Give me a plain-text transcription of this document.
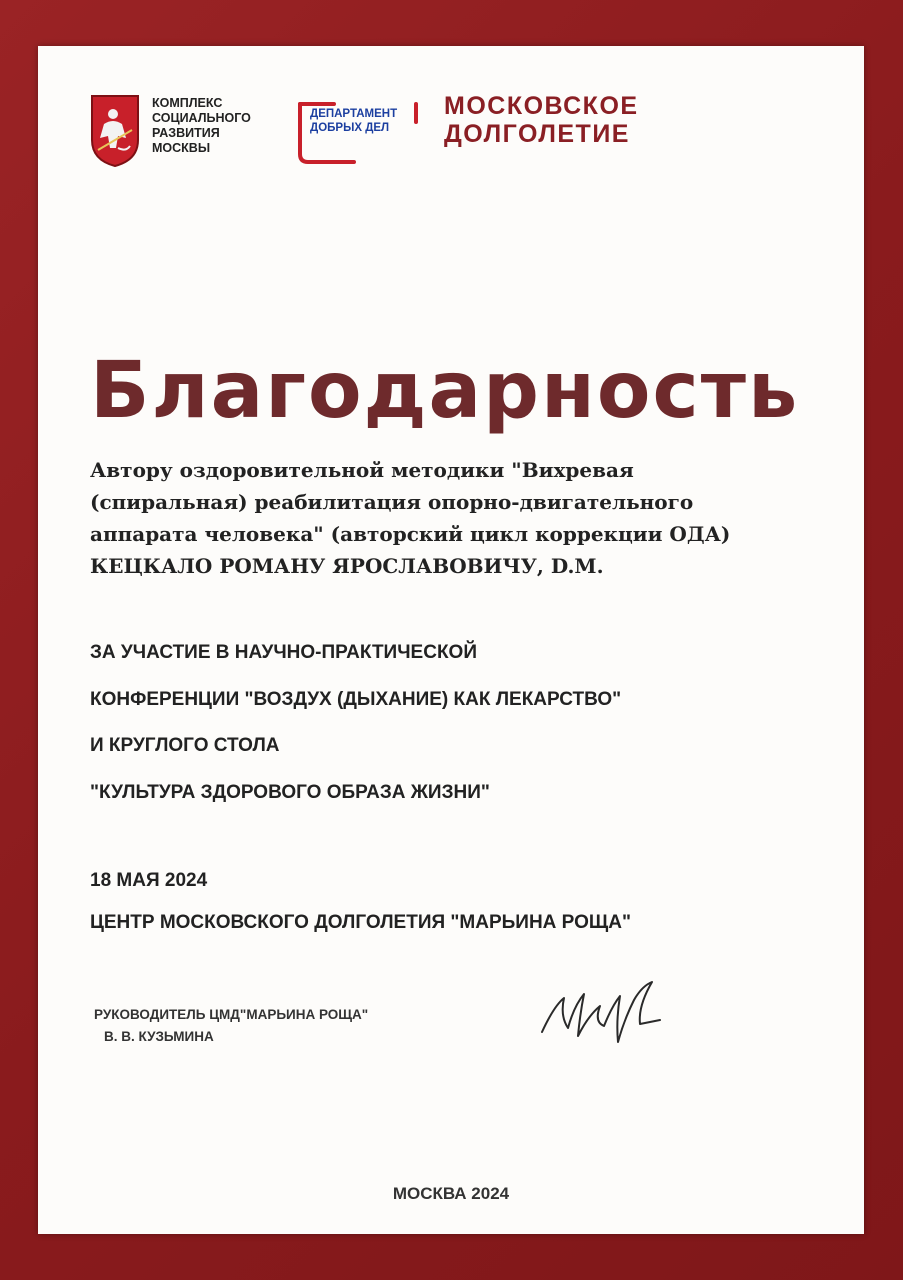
КОМПЛЕКС
СОЦИАЛЬНОГО
РАЗВИТИЯ
МОСКВЫ
ДЕПАРТАМЕНТ
ДОБРЫХ ДЕЛ
МОСКОВСКОЕ
ДОЛГОЛЕТИЕ
Благодарность
Автору оздоровительной методики "Вихревая
(спиральная) реабилитация опорно-двигательного
аппарата человека" (авторский цикл коррекции ОДА)
КЕЦКАЛО РОМАНУ ЯРОСЛАВОВИЧУ, D.M.
ЗА УЧАСТИЕ В НАУЧНО-ПРАКТИЧЕСКОЙ
КОНФЕРЕНЦИИ "ВОЗДУХ (ДЫХАНИЕ) КАК ЛЕКАРСТВО"
И КРУГЛОГО СТОЛА
"КУЛЬТУРА ЗДОРОВОГО ОБРАЗА ЖИЗНИ"
18 МАЯ 2024
ЦЕНТР МОСКОВСКОГО ДОЛГОЛЕТИЯ "МАРЬИНА РОЩА"
РУКОВОДИТЕЛЬ ЦМД"МАРЬИНА РОЩА"
В. В. КУЗЬМИНА
МОСКВА 2024
